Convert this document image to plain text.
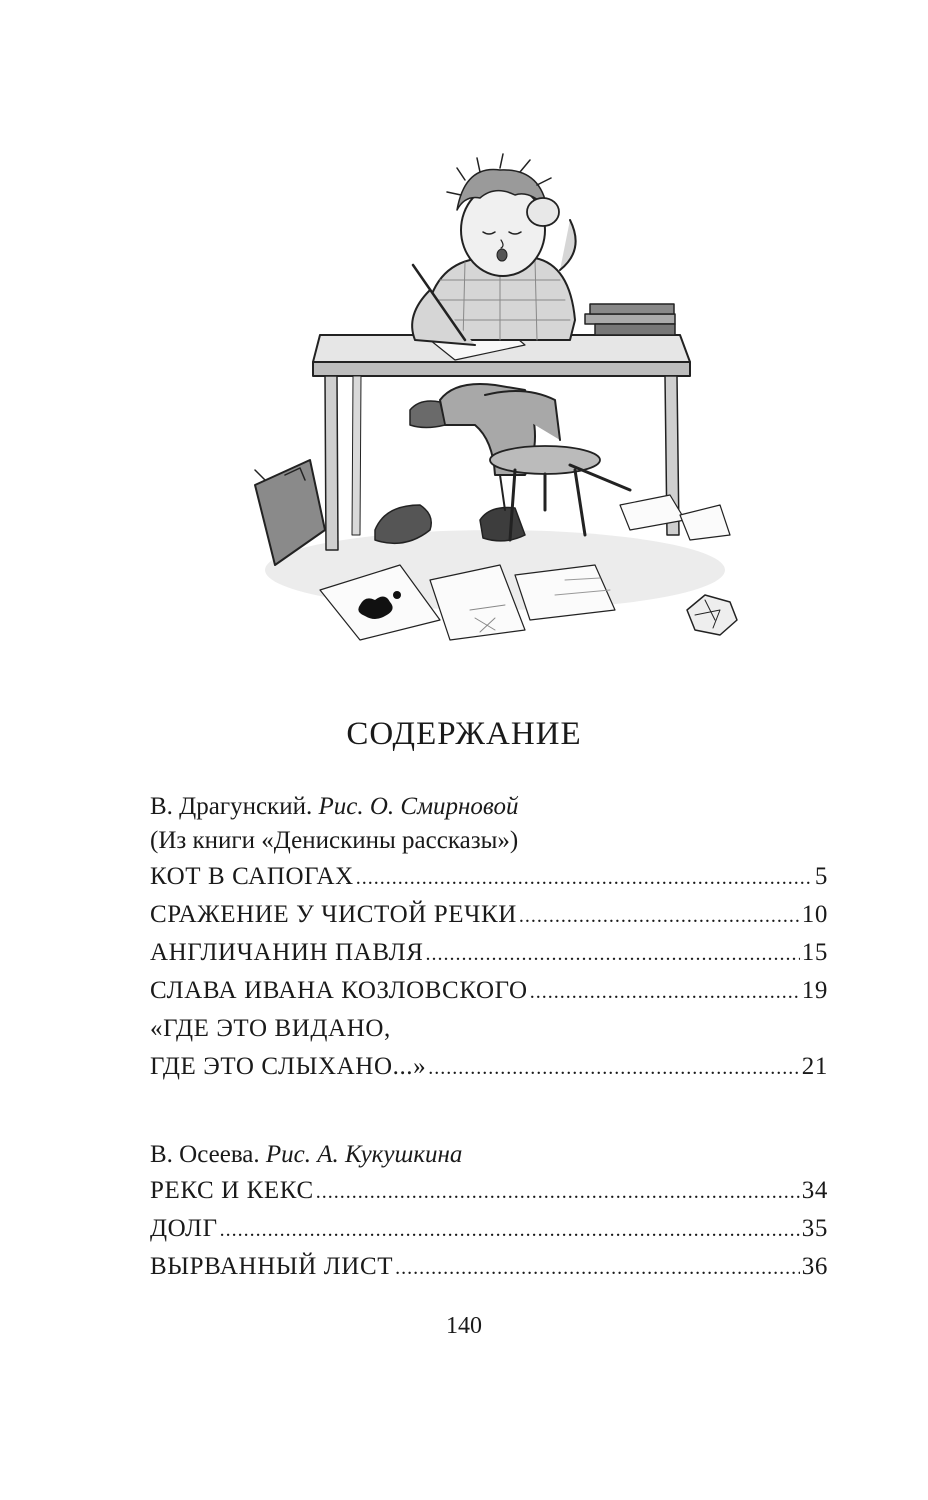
СОДЕРЖАНИЕ
В. Драгунский. Рис. О. Смирновой
(Из книги «Денискины рассказы»)
КОТ В САПОГАХ .....	5
СРАЖЕНИЕ У ЧИСТОЙ РЕЧКИ .....	10
АНГЛИЧАНИН ПАВЛЯ .....	15
СЛАВА ИВАНА КОЗЛОВСКОГО .....	19
«ГДЕ ЭТО ВИДАНО,
ГДЕ ЭТО СЛЫХАНО...» .....	21
В. Осеева. Рис. А. Кукушкина
РЕКС И КЕКС .....	34
ДОЛГ .....	35
ВЫРВАННЫЙ ЛИСТ .....	36
140
